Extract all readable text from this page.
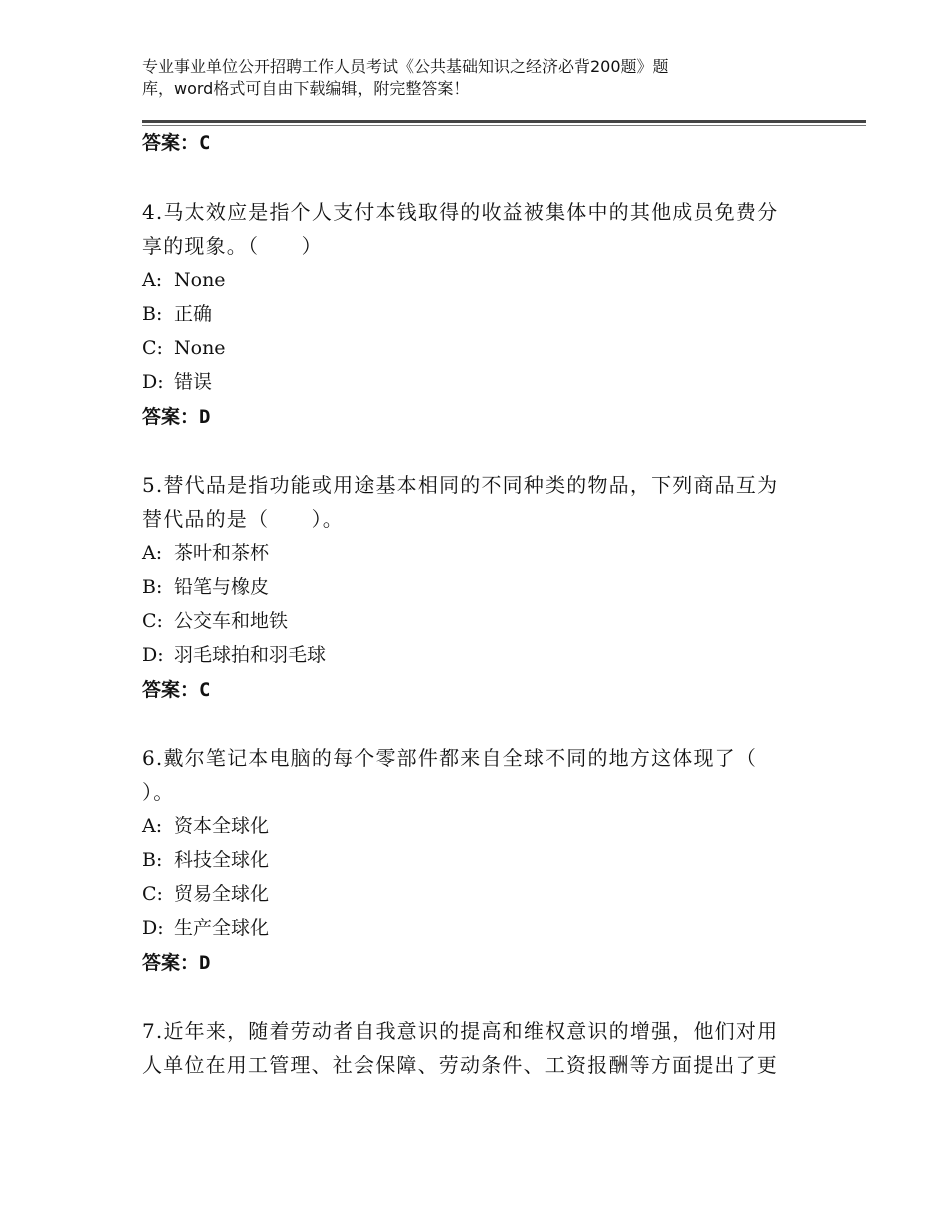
专业事业单位公开招聘工作人员考试《公共基础知识之经济必背200题》题
库，word格式可自由下载编辑，附完整答案！
答案：C
4.马太效应是指个人支付本钱取得的收益被集体中的其他成员免费分
享的现象。（　　）
A: None
B: 正确
C: None
D: 错误
答案：D
5.替代品是指功能或用途基本相同的不同种类的物品，下列商品互为
替代品的是（　　）。
A: 茶叶和茶杯
B: 铅笔与橡皮
C: 公交车和地铁
D: 羽毛球拍和羽毛球
答案：C
6.戴尔笔记本电脑的每个零部件都来自全球不同的地方这体现了（
）。
A: 资本全球化
B: 科技全球化
C: 贸易全球化
D: 生产全球化
答案：D
7.近年来，随着劳动者自我意识的提高和维权意识的增强，他们对用
人单位在用工管理、社会保障、劳动条件、工资报酬等方面提出了更
